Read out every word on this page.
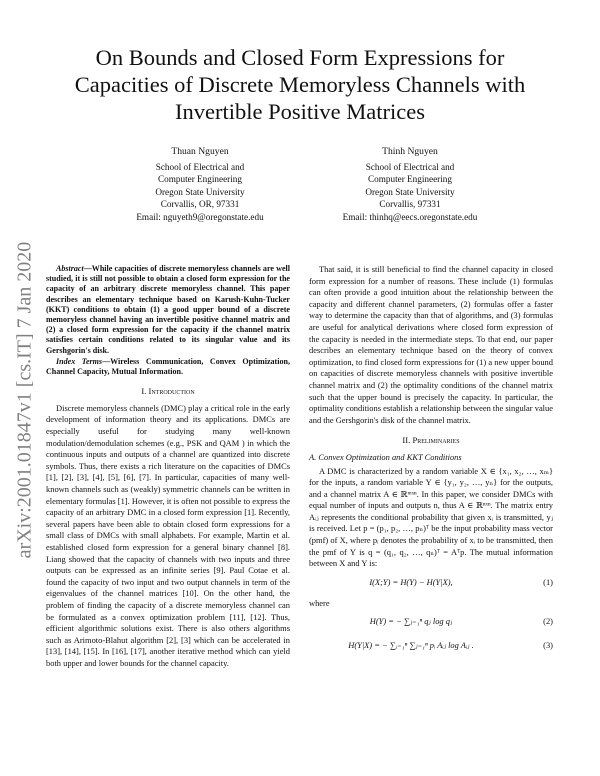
On Bounds and Closed Form Expressions for
Capacities of Discrete Memoryless Channels with
Invertible Positive Matrices
Thuan Nguyen
School of Electrical and
Computer Engineering
Oregon State University
Corvallis, OR, 97331
Email: nguyeth9@oregonstate.edu
Thinh Nguyen
School of Electrical and
Computer Engineering
Oregon State University
Corvallis, 97331
Email: thinhq@eecs.oregonstate.edu
arXiv:2001.01847v1 [cs.IT] 7 Jan 2020	Abstract—While capacities of discrete memoryless channels are well studied, it is still not possible to obtain a closed form expression for the capacity of an arbitrary discrete memoryless channel. This paper describes an elementary technique based on Karush-Kuhn-Tucker (KKT) conditions to obtain (1) a good upper bound of a discrete memoryless channel having an invertible positive channel matrix and (2) a closed form expression for the capacity if the channel matrix satisfies certain conditions related to its singular value and its Gershgorin's disk.

Index Terms—Wireless Communication, Convex Optimization, Channel Capacity, Mutual Information.

I. Introduction

Discrete memoryless channels (DMC) play a critical role in the early development of information theory and its applications. DMCs are especially useful for studying many well-known modulation/demodulation schemes (e.g., PSK and QAM ) in which the continuous inputs and outputs of a channel are quantized into discrete symbols. Thus, there exists a rich literature on the capacities of DMCs [1], [2], [3], [4], [5], [6], [7]. In particular, capacities of many well-known channels such as (weakly) symmetric channels can be written in elementary formulas [1]. However, it is often not possible to express the capacity of an arbitrary DMC in a closed form expression [1]. Recently, several papers have been able to obtain closed form expressions for a small class of DMCs with small alphabets. For example, Martin et al. established closed form expression for a general binary channel [8]. Liang showed that the capacity of channels with two inputs and three outputs can be expressed as an infinite series [9]. Paul Cotae et al. found the capacity of two input and two output channels in term of the eigenvalues of the channel matrices [10]. On the other hand, the problem of finding the capacity of a discrete memoryless channel can be formulated as a convex optimization problem [11], [12]. Thus, efficient algorithmic solutions exist. There is also others algorithms such as Arimoto-Blahut algorithm [2], [3] which can be accelerated in [13], [14], [15]. In [16], [17], another iterative method which can yield both upper and lower bounds for the channel capacity.

That said, it is still beneficial to find the channel capacity in closed form expression for a number of reasons. These include (1) formulas can often provide a good intuition about the relationship between the capacity and different channel parameters, (2) formulas offer a faster way to determine the capacity than that of algorithms, and (3) formulas are useful for analytical derivations where closed form expression of the capacity is needed in the intermediate steps. To that end, our paper describes an elementary technique based on the theory of convex optimization, to find closed form expressions for (1) a new upper bound on capacities of discrete memoryless channels with positive invertible channel matrix and (2) the optimality conditions of the channel matrix such that the upper bound is precisely the capacity. In particular, the optimality conditions establish a relationship between the singular value and the Gershgorin's disk of the channel matrix.

II. Preliminaries
A. Convex Optimization and KKT Conditions

A DMC is characterized by a random variable X ∈ {x₁, x₂, …, xₘ} for the inputs, a random variable Y ∈ {y₁, y₂, …, yₙ} for the outputs, and a channel matrix A ∈ ℝᵐˣⁿ. In this paper, we consider DMCs with equal number of inputs and outputs n, thus A ∈ ℝⁿˣⁿ. The matrix entry Aᵢⱼ represents the conditional probability that given xᵢ is transmitted, yⱼ is received. Let p = (p₁, p₂, …, pₙ)ᵀ be the input probability mass vector (pmf) of X, where pᵢ denotes the probability of xᵢ to be transmitted, then the pmf of Y is q = (q₁, q₂, …, qₙ)ᵀ = Aᵀp. The mutual information between X and Y is:

I(X;Y) = H(Y) − H(Y|X),	(1)

where

H(Y) = − ∑ⱼ₌₁ⁿ qⱼ log qⱼ	(2)
H(Y|X) = − ∑ᵢ₌₁ⁿ ∑ⱼ₌₁ⁿ pᵢ Aᵢⱼ log Aᵢⱼ .	(3)
